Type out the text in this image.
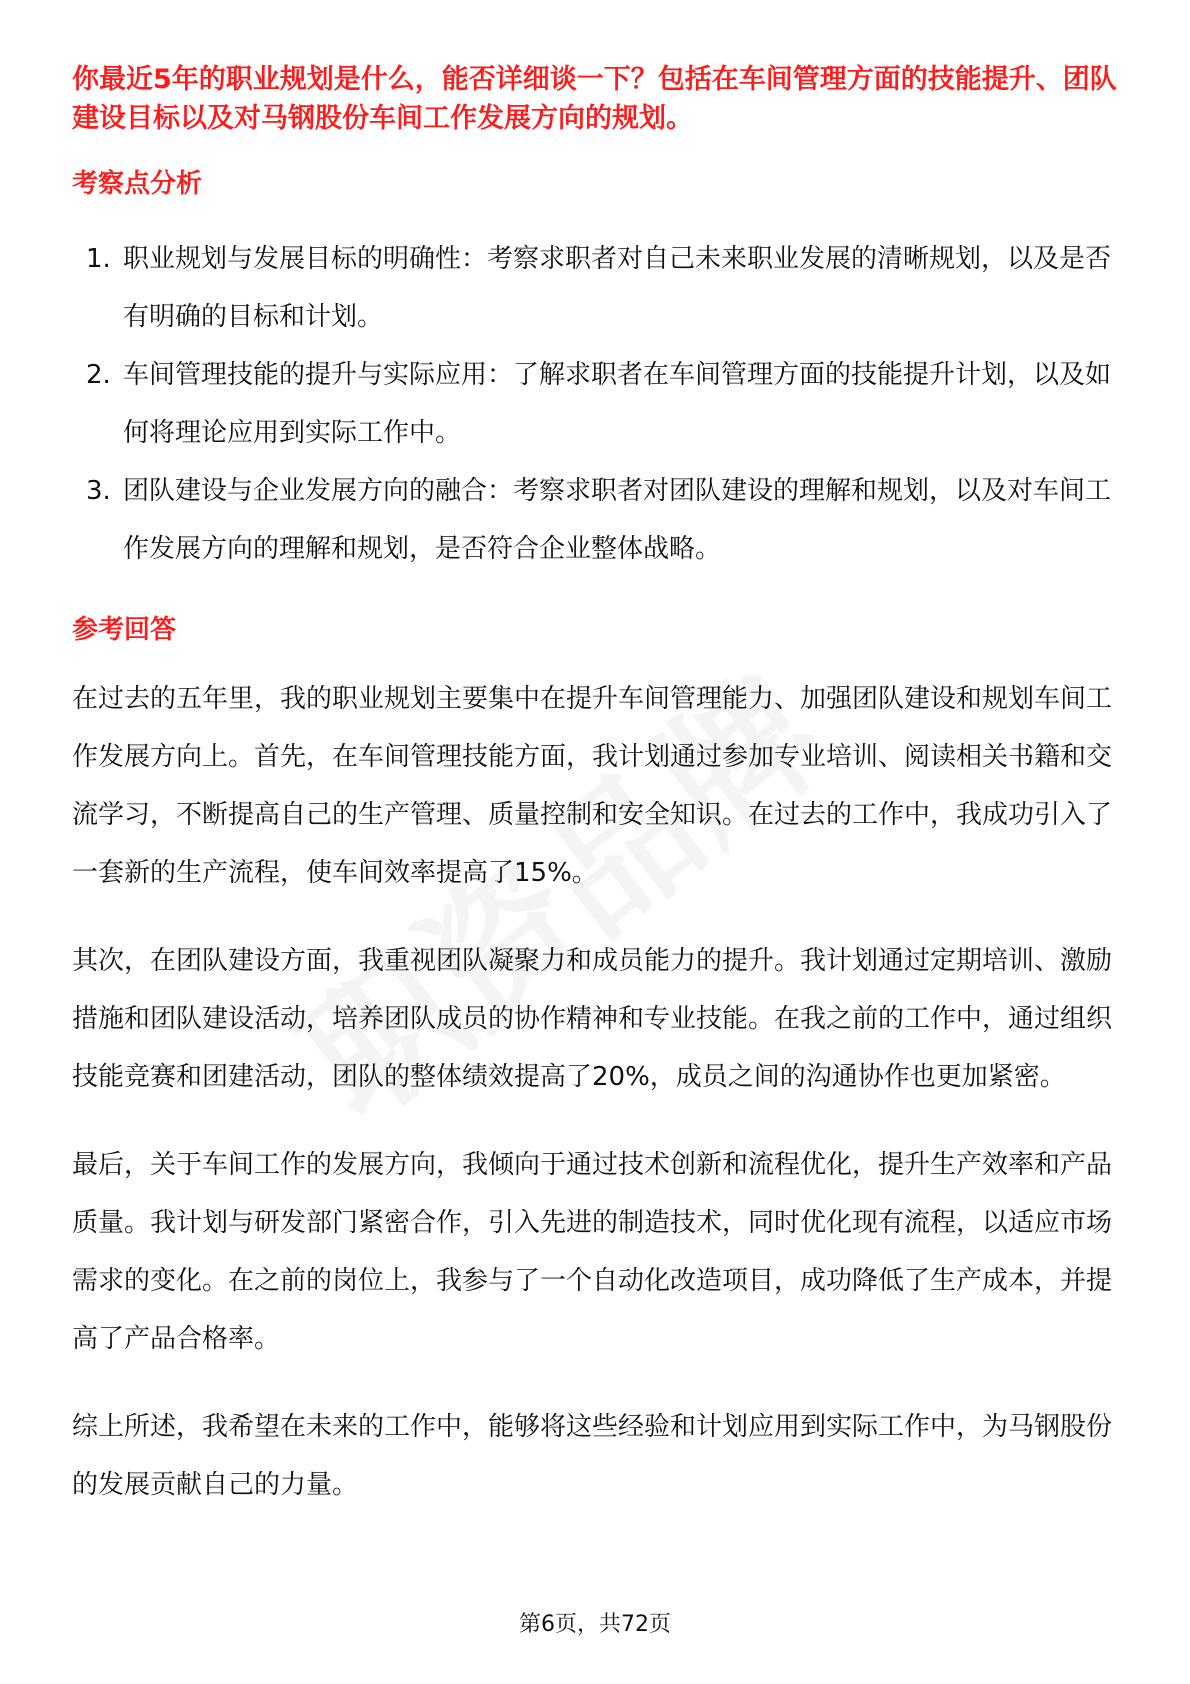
你最近5年的职业规划是什么，能否详细谈一下？包括在车间管理方面的技能提升、团队建设目标以及对马钢股份车间工作发展方向的规划。

考察点分析

1. 职业规划与发展目标的明确性：考察求职者对自己未来职业发展的清晰规划，以及是否有明确的目标和计划。
2. 车间管理技能的提升与实际应用：了解求职者在车间管理方面的技能提升计划，以及如何将理论应用到实际工作中。
3. 团队建设与企业发展方向的融合：考察求职者对团队建设的理解和规划，以及对车间工作发展方向的理解和规划，是否符合企业整体战略。

参考回答

在过去的五年里，我的职业规划主要集中在提升车间管理能力、加强团队建设和规划车间工作发展方向上。首先，在车间管理技能方面，我计划通过参加专业培训、阅读相关书籍和交流学习，不断提高自己的生产管理、质量控制和安全知识。在过去的工作中，我成功引入了一套新的生产流程，使车间效率提高了15%。

其次，在团队建设方面，我重视团队凝聚力和成员能力的提升。我计划通过定期培训、激励措施和团队建设活动，培养团队成员的协作精神和专业技能。在我之前的工作中，通过组织技能竞赛和团建活动，团队的整体绩效提高了20%，成员之间的沟通协作也更加紧密。

最后，关于车间工作的发展方向，我倾向于通过技术创新和流程优化，提升生产效率和产品质量。我计划与研发部门紧密合作，引入先进的制造技术，同时优化现有流程，以适应市场需求的变化。在之前的岗位上，我参与了一个自动化改造项目，成功降低了生产成本，并提高了产品合格率。

综上所述，我希望在未来的工作中，能够将这些经验和计划应用到实际工作中，为马钢股份的发展贡献自己的力量。

第6页，共72页
